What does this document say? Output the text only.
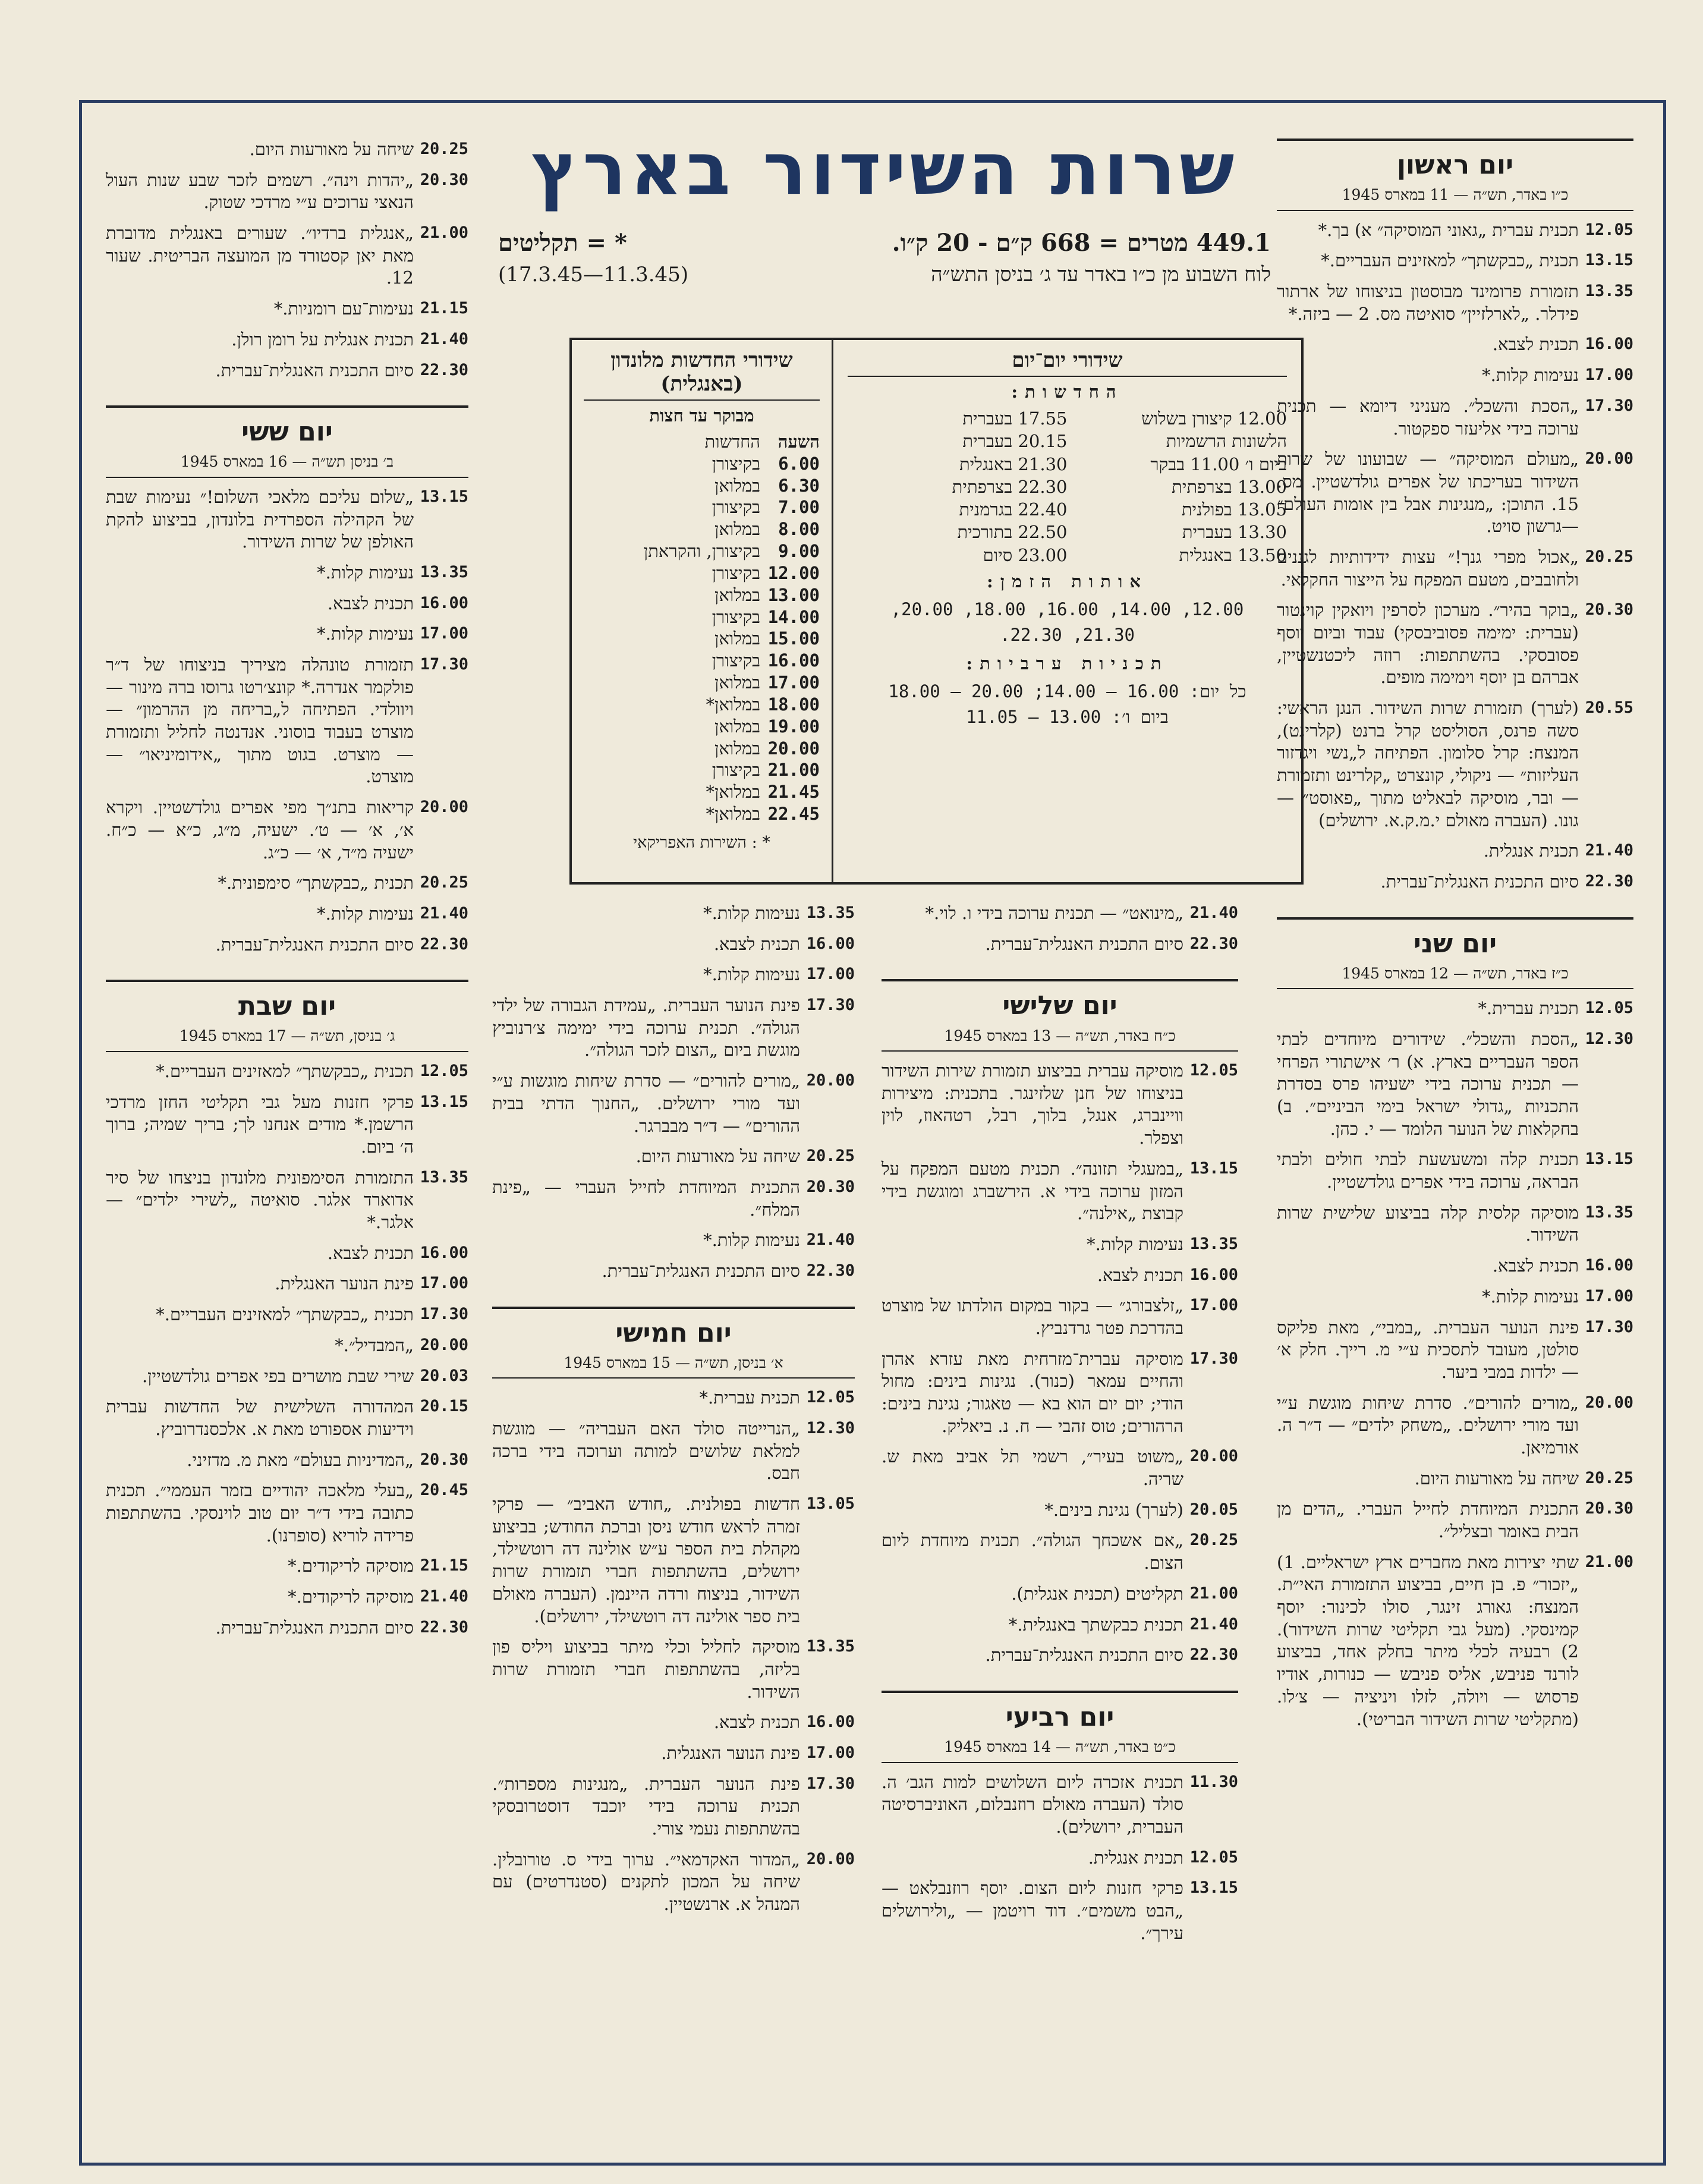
שרות השידור בארץ
449.1 מטרים = 668 ק״ם - 20 ק״ו.
* = תקליטים
לוח השבוע מן כ״ו באדר עד ג׳ בניסן התש״ה
(11.3.45—17.3.45)
שידורי יום־יום
החדשות:
12.00 קיצורן בשלוש
17.55 בעברית
הלשונות הרשמיות
20.15 בעברית
ביום ו׳ 11.00 בבקר
21.30 באנגלית
13.00 בצרפתית
22.30 בצרפתית
13.05 בפולנית
22.40 בגרמנית
13.30 בעברית
22.50 בתורכית
13.50 באנגלית
23.00 סיום
אותות הזמן:
12.00, 14.00, 16.00, 18.00, 20.00,
21.30, 22.30.
תכניות ערביות:
כל יום: 16.00 — 14.00; 20.00 — 18.00
ביום ו׳: 13.00 — 11.05
שידורי החדשות מלונדון (באנגלית)
מבוקר עד חצות
השעה
החדשות
6.00
בקיצורן
6.30
במלואן
7.00
בקיצורן
8.00
במלואן
9.00
בקיצורן, והקראתן
12.00
בקיצורן
13.00
במלואן
14.00
בקיצורן
15.00
במלואן
16.00
בקיצורן
17.00
במלואן
18.00
במלואן*
19.00
במלואן
20.00
במלואן
21.00
בקיצורן
21.45
במלואן*
22.45
במלואן*
* : השירות האפריקאי
יום ראשון
כ״ו באדר, תש״ה — 11 במארס 1945
12.05
תכנית עברית „גאוני המוסיקה״ א) בך.*
13.15
תכנית „כבקשתך״ למאזינים העבריים.*
13.35
תזמורת פרומינד מבוסטון בניצוחו של ארתור פידלר. „לארלזיין״ סואיטה מס. 2 — ביזה.*
16.00
תכנית לצבא.
17.00
נעימות קלות.*
17.30
„הסכת והשכל״. מעניני דיומא — תכנית ערוכה בידי אליעזר ספקטור.
20.00
„מעולם המוסיקה״ — שבועונו של שרות השידור בעריכתו של אפרים גולדשטיין. מס. 15. התוכן: „מנגינות אבל בין אומות העולם״ —גרשון סויט.
20.25
„אכול מפרי גנך!״ עצות ידידותיות לגננים ולחובבים, מטעם המפקח על הייצור החקלאי.
20.30
„בוקר בהיר״. מערכון לסרפין ויואקין קוינטור (עברית: ימימה פסוביבסקי) עבוד וביום יוסף פסובסקי. בהשתתפות: רוזה ליכטנשטיין, אברהם בן יוסף וימימה מופים.
20.55
(לערך) תזמורת שרות השידור. הנגן הראשי: סשה פרנס, הסוליסט קרל ברנט (קלרינט), המנצח: קרל סלומון. הפתיחה ל„נשי ויגדזור העליזות״ — ניקולי, קונצרט „קלרינט ותזמורת — ובר, מוסיקה לבאליט מתוך „פאוסט״ — גונו. (העברה מאולם י.מ.ק.א. ירושלים)
21.40
תכנית אנגלית.
22.30
סיום התכנית האנגלית־עברית.
יום שני
כ״ז באדר, תש״ה — 12 במארס 1945
12.05
תכנית עברית.*
12.30
„הסכת והשכל״. שידורים מיוחדים לבתי הספר העבריים בארץ. א) ר׳ אישתורי הפרחי — תכנית ערוכה בידי ישעיהו פרס בסדרת התכניות „גדולי ישראל בימי הביניים״. ב) בחקלאות של הנוער הלומד — י. כהן.
13.15
תכנית קלה ומשעשעת לבתי חולים ולבתי הבראה, ערוכה בידי אפרים גולדשטיין.
13.35
מוסיקה קלסית קלה בביצוע שלישית שרות השידור.
16.00
תכנית לצבא.
17.00
נעימות קלות.*
17.30
פינת הנוער העברית. „במבי״, מאת פליקס סולטן, מעובד לתסכית ע״י מ. רייך. חלק א׳ — ילדות במבי ביער.
20.00
„מורים להורים״. סדרת שיחות מוגשת ע״י ועד מורי ירושלים. „משחק ילדים״ — ד״ר ה. אורמיאן.
20.25
שיחה על מאורעות היום.
20.30
התכנית המיוחדת לחייל העברי. „הדים מן הבית באומר ובצליל״.
21.00
שתי יצירות מאת מחברים ארץ ישראליים. 1) „יזכור״ פ. בן חיים, בביצוע התזמורת האי״ת. המנצח: גאורג זינגר, סולו לכינור: יוסף קמינסקי. (מעל גבי תקליטי שרות השידור). 2) רבעיה לכלי מיתר בחלק אחד, בביצוע לורנד פניבש, אליס פניבש — כנורות, אודיו פרסוש — ויולה, לזלו ויניציה — צ׳לו. (מתקליטי שרות השידור הבריטי).
21.40
„מינואט״ — תכנית ערוכה בידי ו. לוי.*
22.30
סיום התכנית האנגלית־עברית.
יום שלישי
כ״ח באדר, תש״ה — 13 במארס 1945
12.05
מוסיקה עברית בביצוע תזמורת שירות השידור בניצוחו של חנן שלזינגר. בתכנית: מיצירות וויינברג, אנגל, בלוך, רבל, רטהאוז, לוין וצפלר.
13.15
„במעגלי תזונה״. תכנית מטעם המפקח על המזון ערוכה בידי א. הירשברג ומוגשת בידי קבוצת „אילנה״.
13.35
נעימות קלות.*
16.00
תכנית לצבא.
17.00
„זלצבורג״ — בקור במקום הולדתו של מוצרט בהדרכת פטר גרדנביץ.
17.30
מוסיקה עברית־מזרחית מאת עזרא אהרן והחיים עמאר (כנור). נגינות בינים: מחול הודי; יום יום הוא בא — טאגור; נגינת בינים: הרהורים; טוס זהבי — ח. נ. ביאליק.
20.00
„משוט בעיר״, רשמי תל אביב מאת ש. שריה.
20.05
(לערך) נגינת בינים.*
20.25
„אם אשכחך הגולה״. תכנית מיוחדת ליום הצום.
21.00
תקליטים (תכנית אנגלית).
21.40
תכנית כבקשתך באנגלית.*
22.30
סיום התכנית האנגלית־עברית.
יום רביעי
כ״ט באדר, תש״ה — 14 במארס 1945
11.30
תכנית אזכרה ליום השלושים למות הגב׳ ה. סולד (העברה מאולם רוזנבלום, האוניברסיטה העברית, ירושלים).
12.05
תכנית אנגלית.
13.15
פרקי חזנות ליום הצום. יוסף רוזנבלאט — „הבט משמים״. דוד רויטמן — „ולירושלים עירך״.
13.35
נעימות קלות.*
16.00
תכנית לצבא.
17.00
נעימות קלות.*
17.30
פינת הנוער העברית. „עמידת הגבורה של ילדי הגולה״. תכנית ערוכה בידי ימימה צ׳רנוביץ מוגשת ביום „הצום לזכר הגולה״.
20.00
„מורים להורים״ — סדרת שיחות מוגשות ע״י ועד מורי ירושלים. „החנוך הדתי בבית ההורים״ — ד״ר מבברגר.
20.25
שיחה על מאורעות היום.
20.30
התכנית המיוחדת לחייל העברי — „פינת המלח״.
21.40
נעימות קלות.*
22.30
סיום התכנית האנגלית־עברית.
יום חמישי
א׳ בניסן, תש״ה — 15 במארס 1945
12.05
תכנית עברית.*
12.30
„הנרייטה סולד האם העבריה״ — מוגשת למלאת שלושים למותה וערוכה בידי ברכה חבס.
13.05
חדשות בפולנית. „חודש האביב״ — פרקי זמרה לראש חודש ניסן וברכת החודש; בביצוע מקהלת בית הספר ע״ש אולינה דה רוטשילד, ירושלים, בהשתתפות חברי תזמורת שרות השידור, בניצוח ורדה היינמן. (העברה מאולם בית ספר אולינה דה רוטשילד, ירושלים).
13.35
מוסיקה לחליל וכלי מיתר בביצוע ויליס פון בליזה, בהשתתפות חברי תזמורת שרות השידור.
16.00
תכנית לצבא.
17.00
פינת הנוער האנגלית.
17.30
פינת הנוער העברית. „מנגינות מספרות״. תכנית ערוכה בידי יוכבד דוסטרובסקי בהשתתפות נעמי צורי.
20.00
„המדור האקדמאי״. ערוך בידי ס. טורובלין. שיחה על המכון לתקנים (סטנדרטים) עם המנהל א. ארנשטיין.
20.25
שיחה על מאורעות היום.
20.30
„יהדות וינה״. רשמים לזכר שבע שנות העול הנאצי ערוכים ע״י מרדכי שטוק.
21.00
„אנגלית ברדיו״. שעורים באנגלית מדוברת מאת יאן קסטורד מן המועצה הבריטית. שעור 12.
21.15
נעימות־עם רומניות.*
21.40
תכנית אנגלית על רומן רולן.
22.30
סיום התכנית האנגלית־עברית.
יום ששי
ב׳ בניסן תש״ה — 16 במארס 1945
13.15
„שלום עליכם מלאכי השלום!״ נעימות שבת של הקהילה הספרדית בלונדון, בביצוע להקת האולפן של שרות השידור.
13.35
נעימות קלות.*
16.00
תכנית לצבא.
17.00
נעימות קלות.*
17.30
תזמורת טונהלה מציריך בניצוחו של ד״ר פולקמר אנדרה.* קונצ׳רטו גרוסו ברה מינור — ויוולדי. הפתיחה ל„בריחה מן ההרמון״ — מוצרט בעבוד בוסוני. אנדנטה לחליל ותזמורת — מוצרט. בגוט מתוך „אידומיניאו״ — מוצרט.
20.00
קריאות בתנ״ך מפי אפרים גולדשטיין. ויקרא א׳, א׳ — ט׳. ישעיה, מ״ג, כ״א — כ״ח. ישעיה מ״ד, א׳ — כ״ג.
20.25
תכנית „כבקשתך״ סימפונית.*
21.40
נעימות קלות.*
22.30
סיום התכנית האנגלית־עברית.
יום שבת
ג׳ בניסן, תש״ה — 17 במארס 1945
12.05
תכנית „כבקשתך״ למאזינים העבריים.*
13.15
פרקי חזנות מעל גבי תקליטי החזן מרדכי הרשמן.* מודים אנחנו לך; בריך שמיה; ברוך ה׳ ביום.
13.35
התזמורת הסימפונית מלונדון בניצחו של סיר אדוארד אלגר. סואיטה „לשירי ילדים״ — אלגר.*
16.00
תכנית לצבא.
17.00
פינת הנוער האנגלית.
17.30
תכנית „כבקשתך״ למאזינים העבריים.*
20.00
„המבדיל״.*
20.03
שירי שבת מושרים בפי אפרים גולדשטיין.
20.15
המהדורה השלישית של החדשות עברית וידיעות אספורט מאת א. אלכסנדרוביץ.
20.30
„המדיניות בעולם״ מאת מ. מדזיני.
20.45
„בעלי מלאכה יהודיים בזמר העממי״. תכנית כתובה בידי ד״ר יום טוב לוינסקי. בהשתתפות פרידה לוריא (סופרנו).
21.15
מוסיקה לריקודים.*
21.40
מוסיקה לריקודים.*
22.30
סיום התכנית האנגלית־עברית.
